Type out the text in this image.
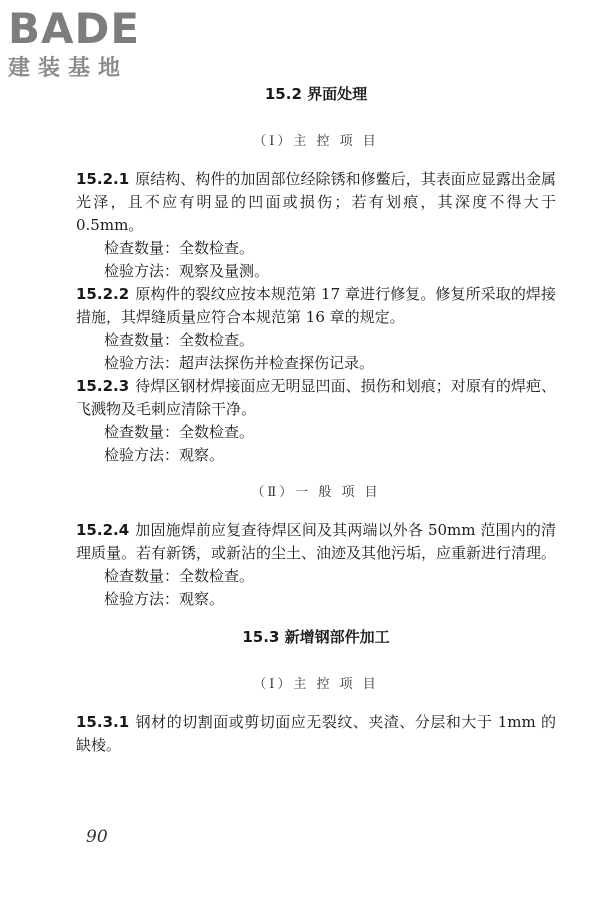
BADE
建装基地
15.2 界面处理
（Ⅰ）主 控 项 目

15.2.1 原结构、构件的加固部位经除锈和修鳖后，其表面应显露出金属光泽，且不应有明显的凹面或损伤；若有划痕，其深度不得大于 0.5mm。

检查数量：全数检查。

检验方法：观察及量测。

15.2.2 原构件的裂纹应按本规范第 17 章进行修复。修复所采取的焊接措施，其焊缝质量应符合本规范第 16 章的规定。

检查数量：全数检查。

检验方法：超声法探伤并检查探伤记录。

15.2.3 待焊区钢材焊接面应无明显凹面、损伤和划痕；对原有的焊疤、飞溅物及毛刺应清除干净。

检查数量：全数检查。

检验方法：观察。

（Ⅱ）一 般 项 目

15.2.4 加固施焊前应复查待焊区间及其两端以外各 50mm 范围内的清理质量。若有新锈，或新沾的尘土、油迹及其他污垢，应重新进行清理。

检查数量：全数检查。

检验方法：观察。

15.3 新增钢部件加工
（Ⅰ）主 控 项 目

15.3.1 钢材的切割面或剪切面应无裂纹、夹渣、分层和大于 1mm 的缺棱。

90
